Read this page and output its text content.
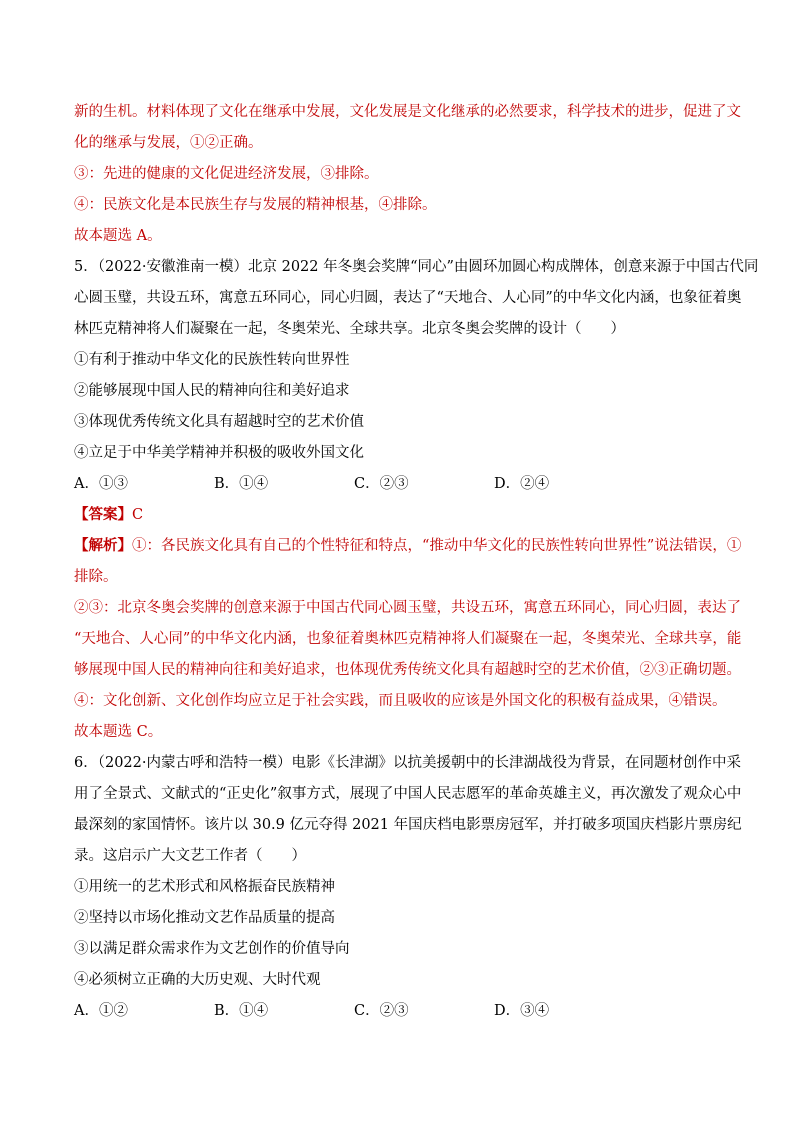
新的生机。材料体现了文化在继承中发展，文化发展是文化继承的必然要求，科学技术的进步，促进了文
化的继承与发展，①②正确。
③：先进的健康的文化促进经济发展，③排除。
④：民族文化是本民族生存与发展的精神根基，④排除。
故本题选 A。
5．（2022·安徽淮南一模）北京 2022 年冬奥会奖牌“同心”由圆环加圆心构成牌体，创意来源于中国古代同
心圆玉璧，共设五环，寓意五环同心，同心归圆，表达了“天地合、人心同”的中华文化内涵，也象征着奥
林匹克精神将人们凝聚在一起，冬奥荣光、全球共享。北京冬奥会奖牌的设计（　　）
①有利于推动中华文化的民族性转向世界性
②能够展现中国人民的精神向往和美好追求
③体现优秀传统文化具有超越时空的艺术价值
④立足于中华美学精神并积极的吸收外国文化
A．①③	B．①④	C．②③	D．②④
【答案】C
【解析】①：各民族文化具有自己的个性特征和特点，“推动中华文化的民族性转向世界性”说法错误，①
排除。
②③：北京冬奥会奖牌的创意来源于中国古代同心圆玉璧，共设五环，寓意五环同心，同心归圆，表达了
“天地合、人心同”的中华文化内涵，也象征着奥林匹克精神将人们凝聚在一起，冬奥荣光、全球共享，能
够展现中国人民的精神向往和美好追求，也体现优秀传统文化具有超越时空的艺术价值，②③正确切题。
④：文化创新、文化创作均应立足于社会实践，而且吸收的应该是外国文化的积极有益成果，④错误。
故本题选 C。
6．（2022·内蒙古呼和浩特一模）电影《长津湖》以抗美援朝中的长津湖战役为背景，在同题材创作中采
用了全景式、文献式的“正史化”叙事方式，展现了中国人民志愿军的革命英雄主义，再次激发了观众心中
最深刻的家国情怀。该片以 30.9 亿元夺得 2021 年国庆档电影票房冠军，并打破多项国庆档影片票房纪
录。这启示广大文艺工作者（　　）
①用统一的艺术形式和风格振奋民族精神
②坚持以市场化推动文艺作品质量的提高
③以满足群众需求作为文艺创作的价值导向
④必须树立正确的大历史观、大时代观
A．①②	B．①④	C．②③	D．③④
